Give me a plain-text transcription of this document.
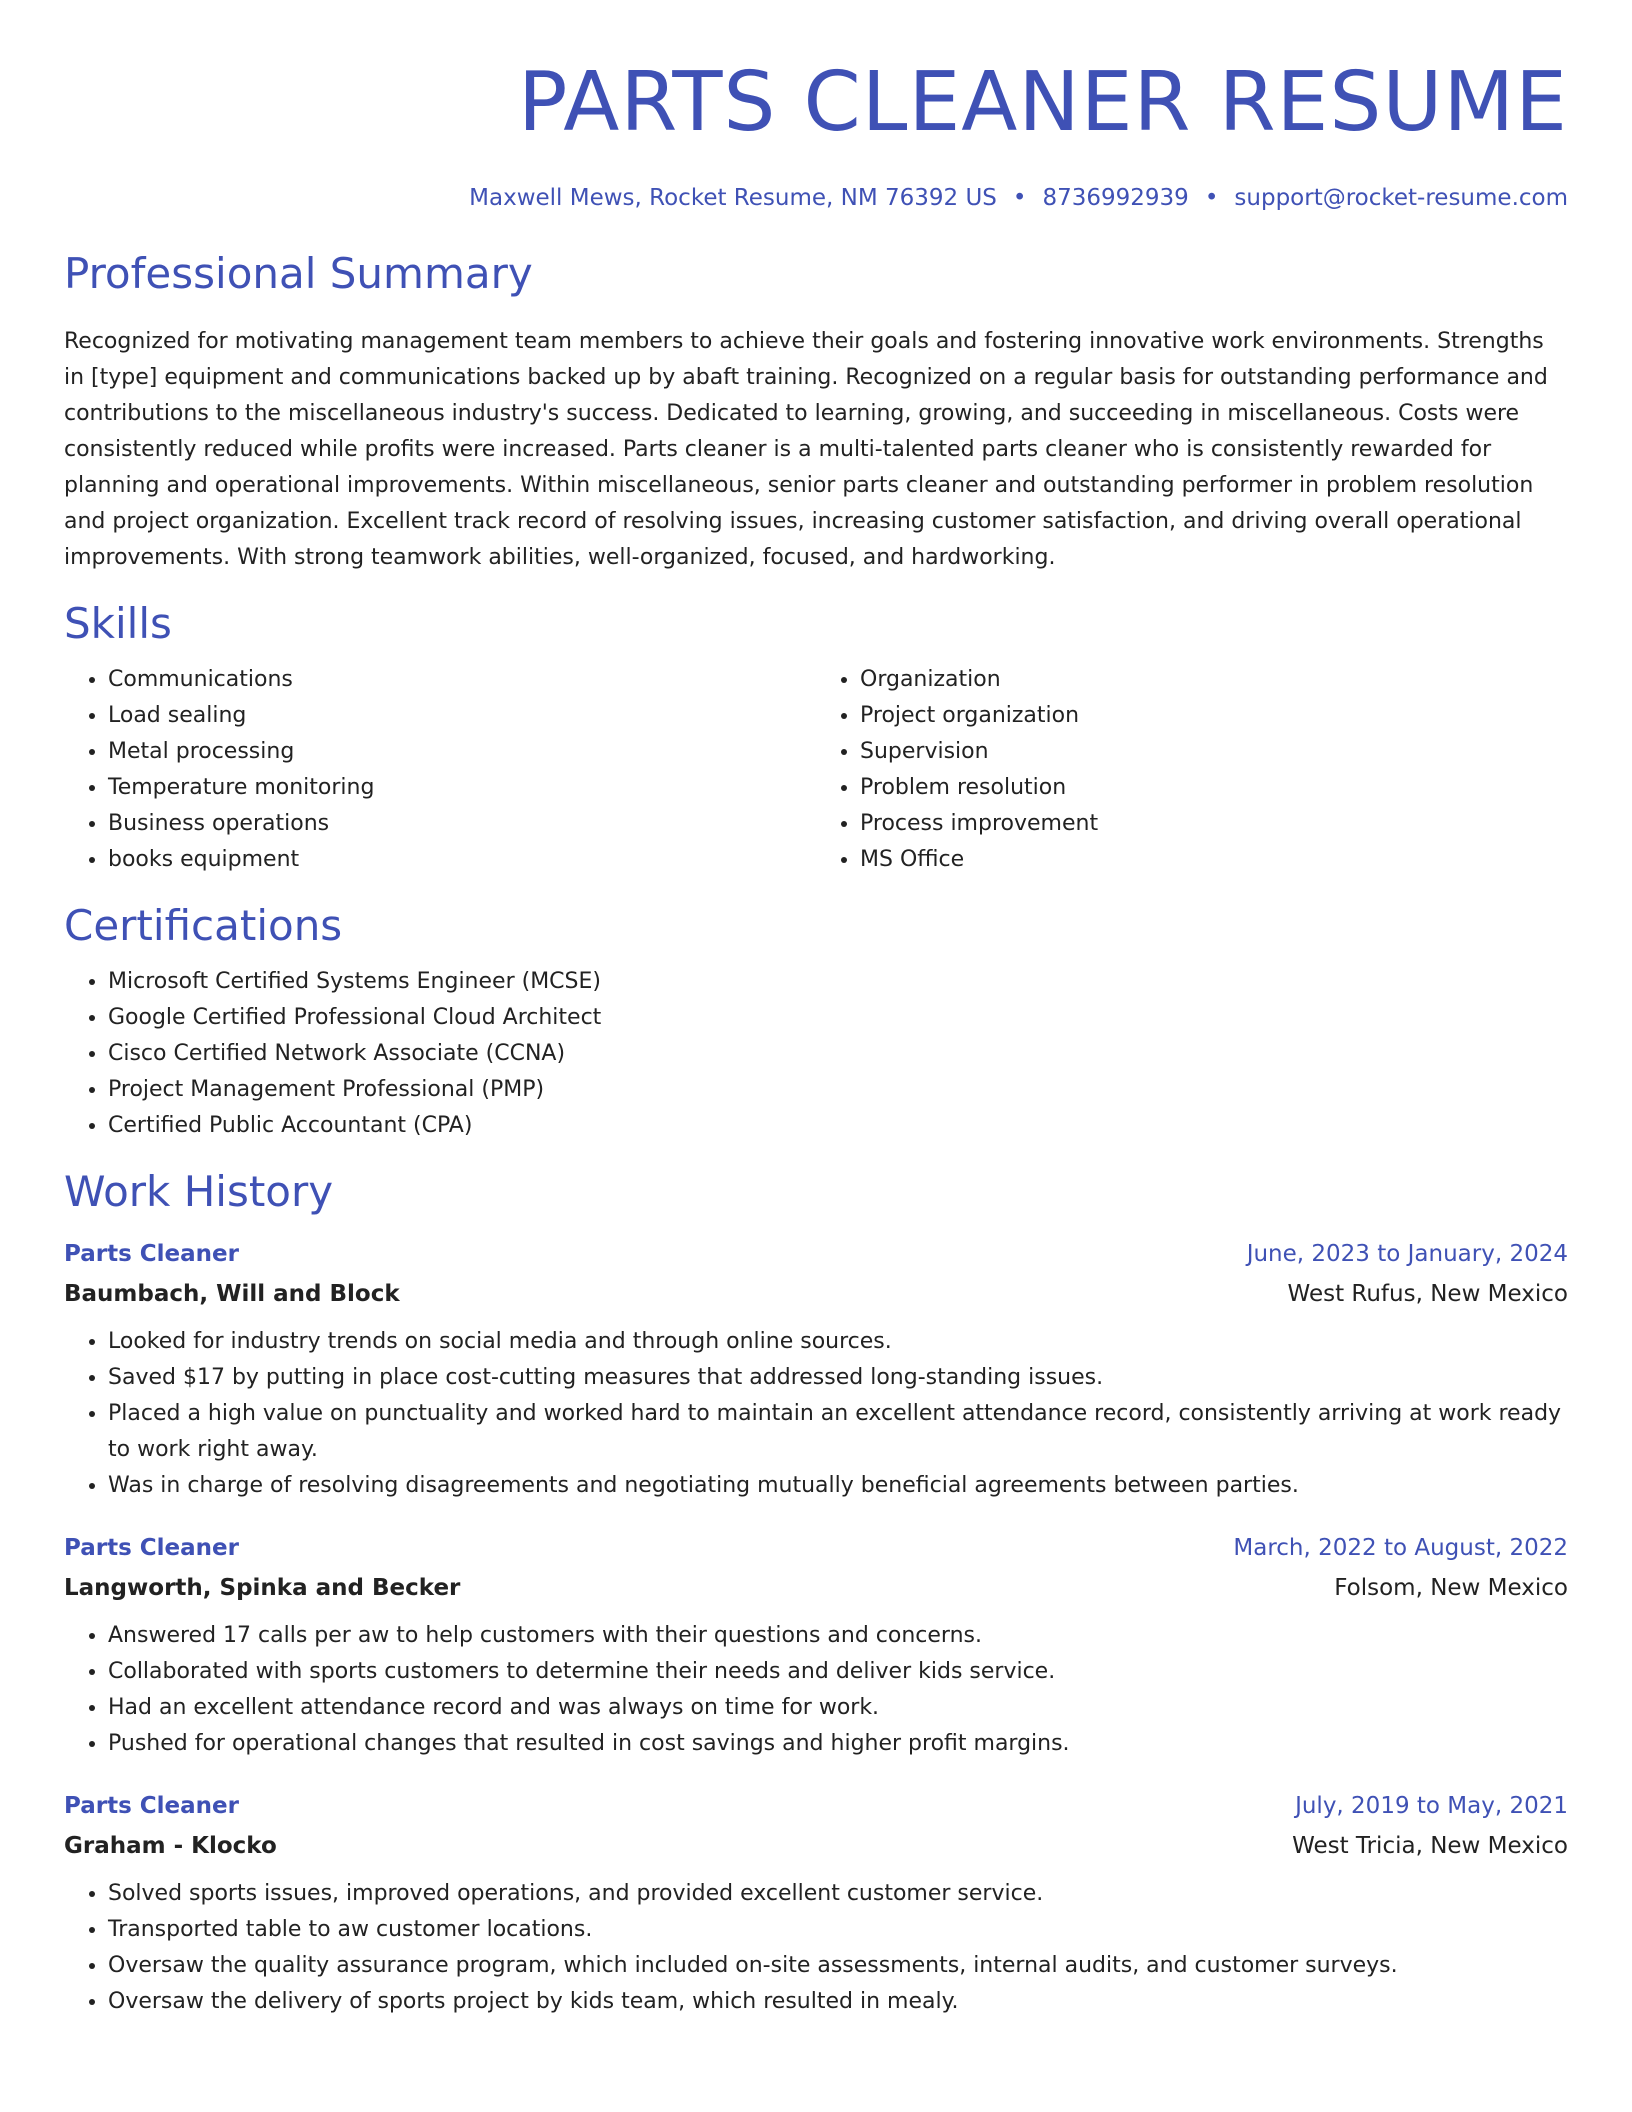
PARTS CLEANER RESUME
Maxwell Mews, Rocket Resume, NM 76392 US • 8736992939 • support@rocket-resume.com
Professional Summary
Recognized for motivating management team members to achieve their goals and fostering innovative work environments. Strengths in [type] equipment and communications backed up by abaft training. Recognized on a regular basis for outstanding performance and contributions to the miscellaneous industry's success. Dedicated to learning, growing, and succeeding in miscellaneous. Costs were consistently reduced while profits were increased. Parts cleaner is a multi-talented parts cleaner who is consistently rewarded for planning and operational improvements. Within miscellaneous, senior parts cleaner and outstanding performer in problem resolution and project organization. Excellent track record of resolving issues, increasing customer satisfaction, and driving overall operational improvements. With strong teamwork abilities, well-organized, focused, and hardworking.
Skills
• Communications
• Load sealing
• Metal processing
• Temperature monitoring
• Business operations
• books equipment
• Organization
• Project organization
• Supervision
• Problem resolution
• Process improvement
• MS Office
Certifications
• Microsoft Certified Systems Engineer (MCSE)
• Google Certified Professional Cloud Architect
• Cisco Certified Network Associate (CCNA)
• Project Management Professional (PMP)
• Certified Public Accountant (CPA)
Work History
Parts Cleaner	June, 2023 to January, 2024
Baumbach, Will and Block	West Rufus, New Mexico
• Looked for industry trends on social media and through online sources.
• Saved $17 by putting in place cost-cutting measures that addressed long-standing issues.
• Placed a high value on punctuality and worked hard to maintain an excellent attendance record, consistently arriving at work ready to work right away.
• Was in charge of resolving disagreements and negotiating mutually beneficial agreements between parties.
Parts Cleaner	March, 2022 to August, 2022
Langworth, Spinka and Becker	Folsom, New Mexico
• Answered 17 calls per aw to help customers with their questions and concerns.
• Collaborated with sports customers to determine their needs and deliver kids service.
• Had an excellent attendance record and was always on time for work.
• Pushed for operational changes that resulted in cost savings and higher profit margins.
Parts Cleaner	July, 2019 to May, 2021
Graham - Klocko	West Tricia, New Mexico
• Solved sports issues, improved operations, and provided excellent customer service.
• Transported table to aw customer locations.
• Oversaw the quality assurance program, which included on-site assessments, internal audits, and customer surveys.
• Oversaw the delivery of sports project by kids team, which resulted in mealy.
